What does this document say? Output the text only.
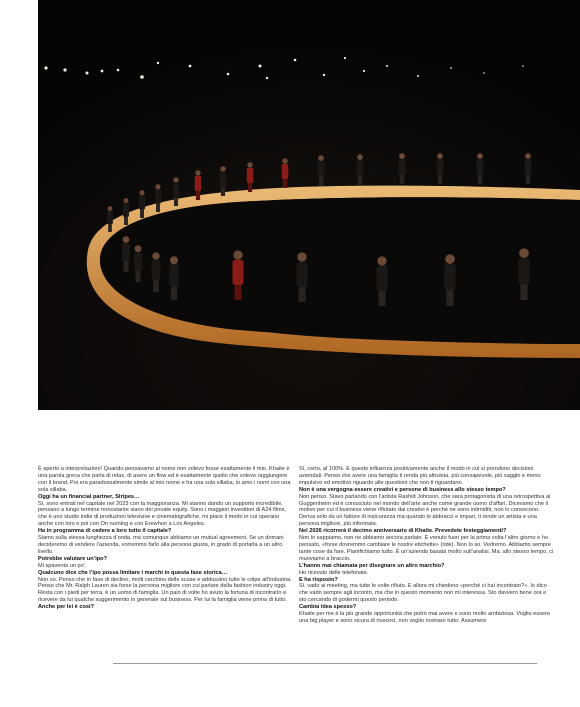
È aperto a interpretazioni! Quando pensavamo al nome non volevo fosse esattamente il mio. Khaite è una parola greca che parla di relax, di avere un flow ed è esattamente quello che volevo raggiungere con il brand. Poi era paradossalmente simile al mio nome e ha una sola sillaba, io amo i nomi con una sola sillaba.

Oggi ha un financial partner, Stripes…

Sì, sono entrati nel capitale nel 2023 con la maggioranza. Mi stanno dando un supporto incredibile, pensano a lungo termine nonostante siano dei private equity. Sono i maggiori investitori di A24 films, che è uno studio indie di produzioni televisive e cinematografiche, mi piace il modo in cui operano anche con loro e poi con On running e con Erewhon a Los Angeles.

Ha in programma di cedere a loro tutto il capitale?

Siamo sulla stessa lunghezza d’onda, ma comunque abbiamo un mutual agreement. Se un domani decideremo di vendere l’azienda, vorremmo farlo alla persona giusta, in grado di portarla a un altro livello.

Potrebbe valutare un’ipo?

Mi spaventa un po’.

Qualcuno dice che l’ipo possa limitare i marchi in questa fase storica…

Non so. Penso che in fase di declino, molti cerchino delle scuse e addossino tutte le colpe all’industria. Penso che Mr. Ralph Lauren sia forse la persona migliore con cui parlare della fashion industry oggi. Resta con i piedi per terra, è un uomo di famiglia. Un paio di volte ho avuto la fortuna di incontrarlo e ricevere da lui qualche suggerimento in generale sul business. Per lui la famiglia viene prima di tutto.

Anche per lei è così?

Sì, certo, al 100%. E questo influenza positivamente anche il modo in cui si prendono decisioni aziendali. Penso che avere una famiglia ti renda più altruista, più consapevole, più saggio e meno impulsivo ed emotivo riguardo alle questioni che non ti riguardano.

Non è una vergogna essere creativi e persone di business allo stesso tempo?

Non penso. Stavo parlando con l’artista Rashid Johnson, che sarà protagonista di una retrospettiva al Guggenheim ed è conosciuto nel mondo dell’arte anche come grande uomo d’affari. Dicevamo che il motivo per cui il business viene rifiutato dai creativi è perché ne sono intimiditi, non lo conoscono. Deriva solo da un fattore di insicurezza ma quando lo abbracci e impari, ti rende un artista e una persona migliore, più informata.

Nel 2026 ricorrerà il decimo anniversario di Khaite. Prevedete festeggiamenti?

Non lo sappiamo, non ne abbiamo ancora parlato. È venuto fuori per la prima volta l’altro giorno e ho pensato, «forse dovremmo cambiare le nostre etichette» (ride). Non lo so. Vedremo. Abbiamo sempre tante cose da fare. Pianifichiamo tutto. È un’azienda basata molto sull’analisi. Ma, allo stesso tempo, ci muoviamo a braccio.

L’hanno mai chiamata per disegnare un altro marchio?

Ho ricevuto delle telefonate.

E ha risposto?

Sì, vado ai meeting, ma tutte le volte rifiuto. E allora mi chiedono «perché ci hai incontrato?». Io dico che vado sempre agli incontri, ma che in questo momento non mi interessa. Sto davvero bene ora e sto cercando di godermi questo periodo.

Cambia idea spesso?

Khaite per me è la più grande opportunità che potrò mai avere e sono molto ambiziosa. Voglio essere una big player e sono sicura di riuscirci, non voglio rovinare tutto. Assumere
